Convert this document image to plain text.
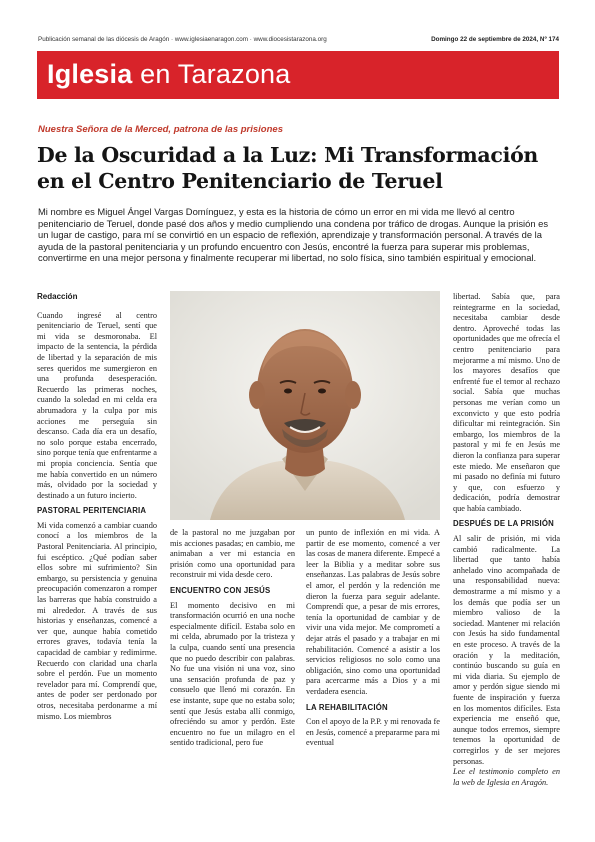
Publicación semanal de las diócesis de Aragón · www.iglesiaenaragon.com · www.diocesistarazona.org	Domingo 22 de septiembre de 2024, Nº 174
Iglesia en Tarazona
Nuestra Señora de la Merced, patrona de las prisiones
De la Oscuridad a la Luz: Mi Transformación
en el Centro Penitenciario de Teruel
Mi nombre es Miguel Ángel Vargas Domínguez, y esta es la historia de cómo un error en mi vida me llevó al centro penitenciario de Teruel, donde pasé dos años y medio cumpliendo una condena por tráfico de drogas. Aunque la prisión es un lugar de castigo, para mí se convirtió en un espacio de reflexión, aprendizaje y transformación personal. A través de la ayuda de la pastoral penitenciaria y un profundo encuentro con Jesús, encontré la fuerza para superar mis problemas, convertirme en una mejor persona y finalmente recuperar mi libertad, no solo física, sino también espiritual y emocional.
Redacción

Cuando ingresé al centro penitenciario de Teruel, sentí que mi vida se desmoronaba. El impacto de la sentencia, la pérdida de libertad y la separación de mis seres queridos me sumergieron en una profunda desesperación. Recuerdo las primeras noches, cuando la soledad en mi celda era abrumadora y la culpa por mis acciones me perseguía sin descanso. Cada día era un desafío, no solo porque estaba encerrado, sino porque tenía que enfrentarme a mi propia conciencia. Sentía que me había convertido en un número más, olvidado por la sociedad y destinado a un futuro incierto.

PASTORAL PERITENCIARIA

Mi vida comenzó a cambiar cuando conocí a los miembros de la Pastoral Penitenciaria. Al principio, fui escéptico. ¿Qué podían saber ellos sobre mi sufrimiento? Sin embargo, su persistencia y genuina preocupación comenzaron a romper las barreras que había construido a mi alrededor. A través de sus historias y enseñanzas, comencé a ver que, aunque había cometido errores graves, todavía tenía la capacidad de cambiar y redimirme. Recuerdo con claridad una charla sobre el perdón. Fue un momento revelador para mí. Comprendí que, antes de poder ser perdonado por otros, necesitaba perdonarme a mí mismo. Los miembros

de la pastoral no me juzgaban por mis acciones pasadas; en cambio, me animaban a ver mi estancia en prisión como una oportunidad para reconstruir mi vida desde cero.

ENCUENTRO CON JESÚS

El momento decisivo en mi transformación ocurrió en una noche especialmente difícil. Estaba solo en mi celda, abrumado por la tristeza y la culpa, cuando sentí una presencia que no puedo describir con palabras. No fue una visión ni una voz, sino una sensación profunda de paz y consuelo que llenó mi corazón. En ese instante, supe que no estaba solo; sentí que Jesús estaba allí conmigo, ofreciéndo su amor y perdón. Este encuentro no fue un milagro en el sentido tradicional, pero fue

un punto de inflexión en mi vida. A partir de ese momento, comencé a ver las cosas de manera diferente. Empecé a leer la Biblia y a meditar sobre sus enseñanzas. Las palabras de Jesús sobre el amor, el perdón y la redención me dieron la fuerza para seguir adelante. Comprendí que, a pesar de mis errores, tenía la oportunidad de cambiar y de vivir una vida mejor. Me comprometí a dejar atrás el pasado y a trabajar en mi rehabilitación. Comencé a asistir a los servicios religiosos no solo como una obligación, sino como una oportunidad para acercarme más a Dios y a mi verdadera esencia.

LA REHABILITACIÓN

Con el apoyo de la P.P. y mi renovada fe en Jesús, comencé a prepararme para mi eventual

libertad. Sabía que, para reintegrarme en la sociedad, necesitaba cambiar desde dentro. Aproveché todas las oportunidades que me ofrecía el centro penitenciario para mejorarme a mí mismo. Uno de los mayores desafíos que enfrenté fue el temor al rechazo social. Sabía que muchas personas me verían como un exconvicto y que esto podría dificultar mi reintegración. Sin embargo, los miembros de la pastoral y mi fe en Jesús me dieron la confianza para superar este miedo. Me enseñaron que mi pasado no definía mi futuro y que, con esfuerzo y dedicación, podría demostrar que había cambiado.

DESPUÉS DE LA PRISIÓN

Al salir de prisión, mi vida cambió radicalmente. La libertad que tanto había anhelado vino acompañada de una responsabilidad nueva: demostrarme a mí mismo y a los demás que podía ser un miembro valioso de la sociedad. Mantener mi relación con Jesús ha sido fundamental en este proceso. A través de la oración y la meditación, continúo buscando su guía en mi vida diaria. Su ejemplo de amor y perdón sigue siendo mi fuente de inspiración y fuerza en los momentos difíciles. Esta experiencia me enseñó que, aunque todos erremos, siempre tenemos la oportunidad de corregirlos y de ser mejores personas.

Lee el testimonio completo en la web de Iglesia en Aragón.
